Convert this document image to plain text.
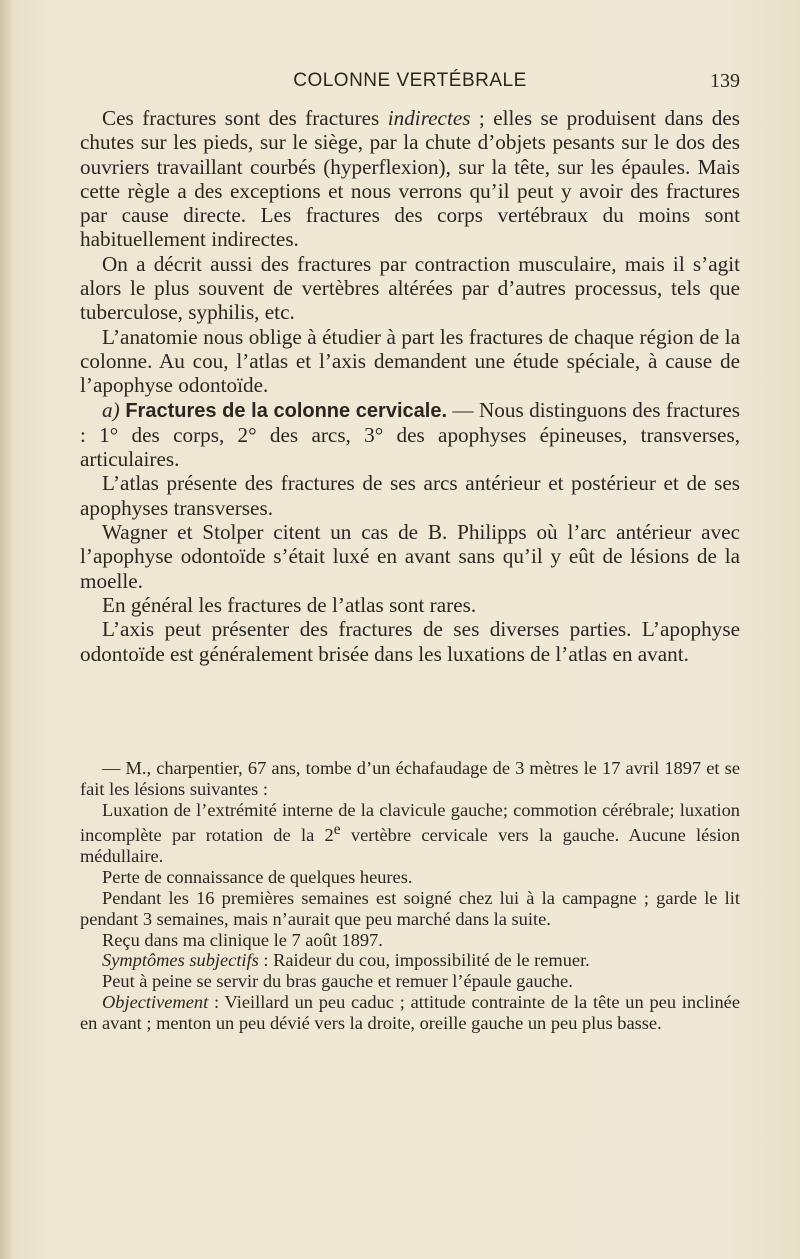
COLONNE VERTÉBRALE	139

Ces fractures sont des fractures indirectes ; elles se produisent dans des chutes sur les pieds, sur le siège, par la chute d’objets pesants sur le dos des ouvriers travaillant courbés (hyperflexion), sur la tête, sur les épaules. Mais cette règle a des exceptions et nous verrons qu’il peut y avoir des fractures par cause directe. Les fractures des corps vertébraux du moins sont habituellement indirectes.

On a décrit aussi des fractures par contraction musculaire, mais il s’agit alors le plus souvent de vertèbres altérées par d’autres processus, tels que tuberculose, syphilis, etc.

L’anatomie nous oblige à étudier à part les fractures de chaque région de la colonne. Au cou, l’atlas et l’axis demandent une étude spéciale, à cause de l’apophyse odontoïde.

a) Fractures de la colonne cervicale. — Nous distinguons des fractures : 1° des corps, 2° des arcs, 3° des apophyses épineuses, transverses, articulaires.

L’atlas présente des fractures de ses arcs antérieur et postérieur et de ses apophyses transverses.

Wagner et Stolper citent un cas de B. Philipps où l’arc antérieur avec l’apophyse odontoïde s’était luxé en avant sans qu’il y eût de lésions de la moelle.

En général les fractures de l’atlas sont rares.

L’axis peut présenter des fractures de ses diverses parties. L’apophyse odontoïde est généralement brisée dans les luxations de l’atlas en avant.

— M., charpentier, 67 ans, tombe d’un échafaudage de 3 mètres le 17 avril 1897 et se fait les lésions suivantes :

Luxation de l’extrémité interne de la clavicule gauche; commotion cérébrale; luxation incomplète par rotation de la 2e vertèbre cervicale vers la gauche. Aucune lésion médullaire.

Perte de connaissance de quelques heures.

Pendant les 16 premières semaines est soigné chez lui à la campagne ; garde le lit pendant 3 semaines, mais n’aurait que peu marché dans la suite.

Reçu dans ma clinique le 7 août 1897.

Symptômes subjectifs : Raideur du cou, impossibilité de le remuer.

Peut à peine se servir du bras gauche et remuer l’épaule gauche.

Objectivement : Vieillard un peu caduc ; attitude contrainte de la tête un peu inclinée en avant ; menton un peu dévié vers la droite, oreille gauche un peu plus basse.
